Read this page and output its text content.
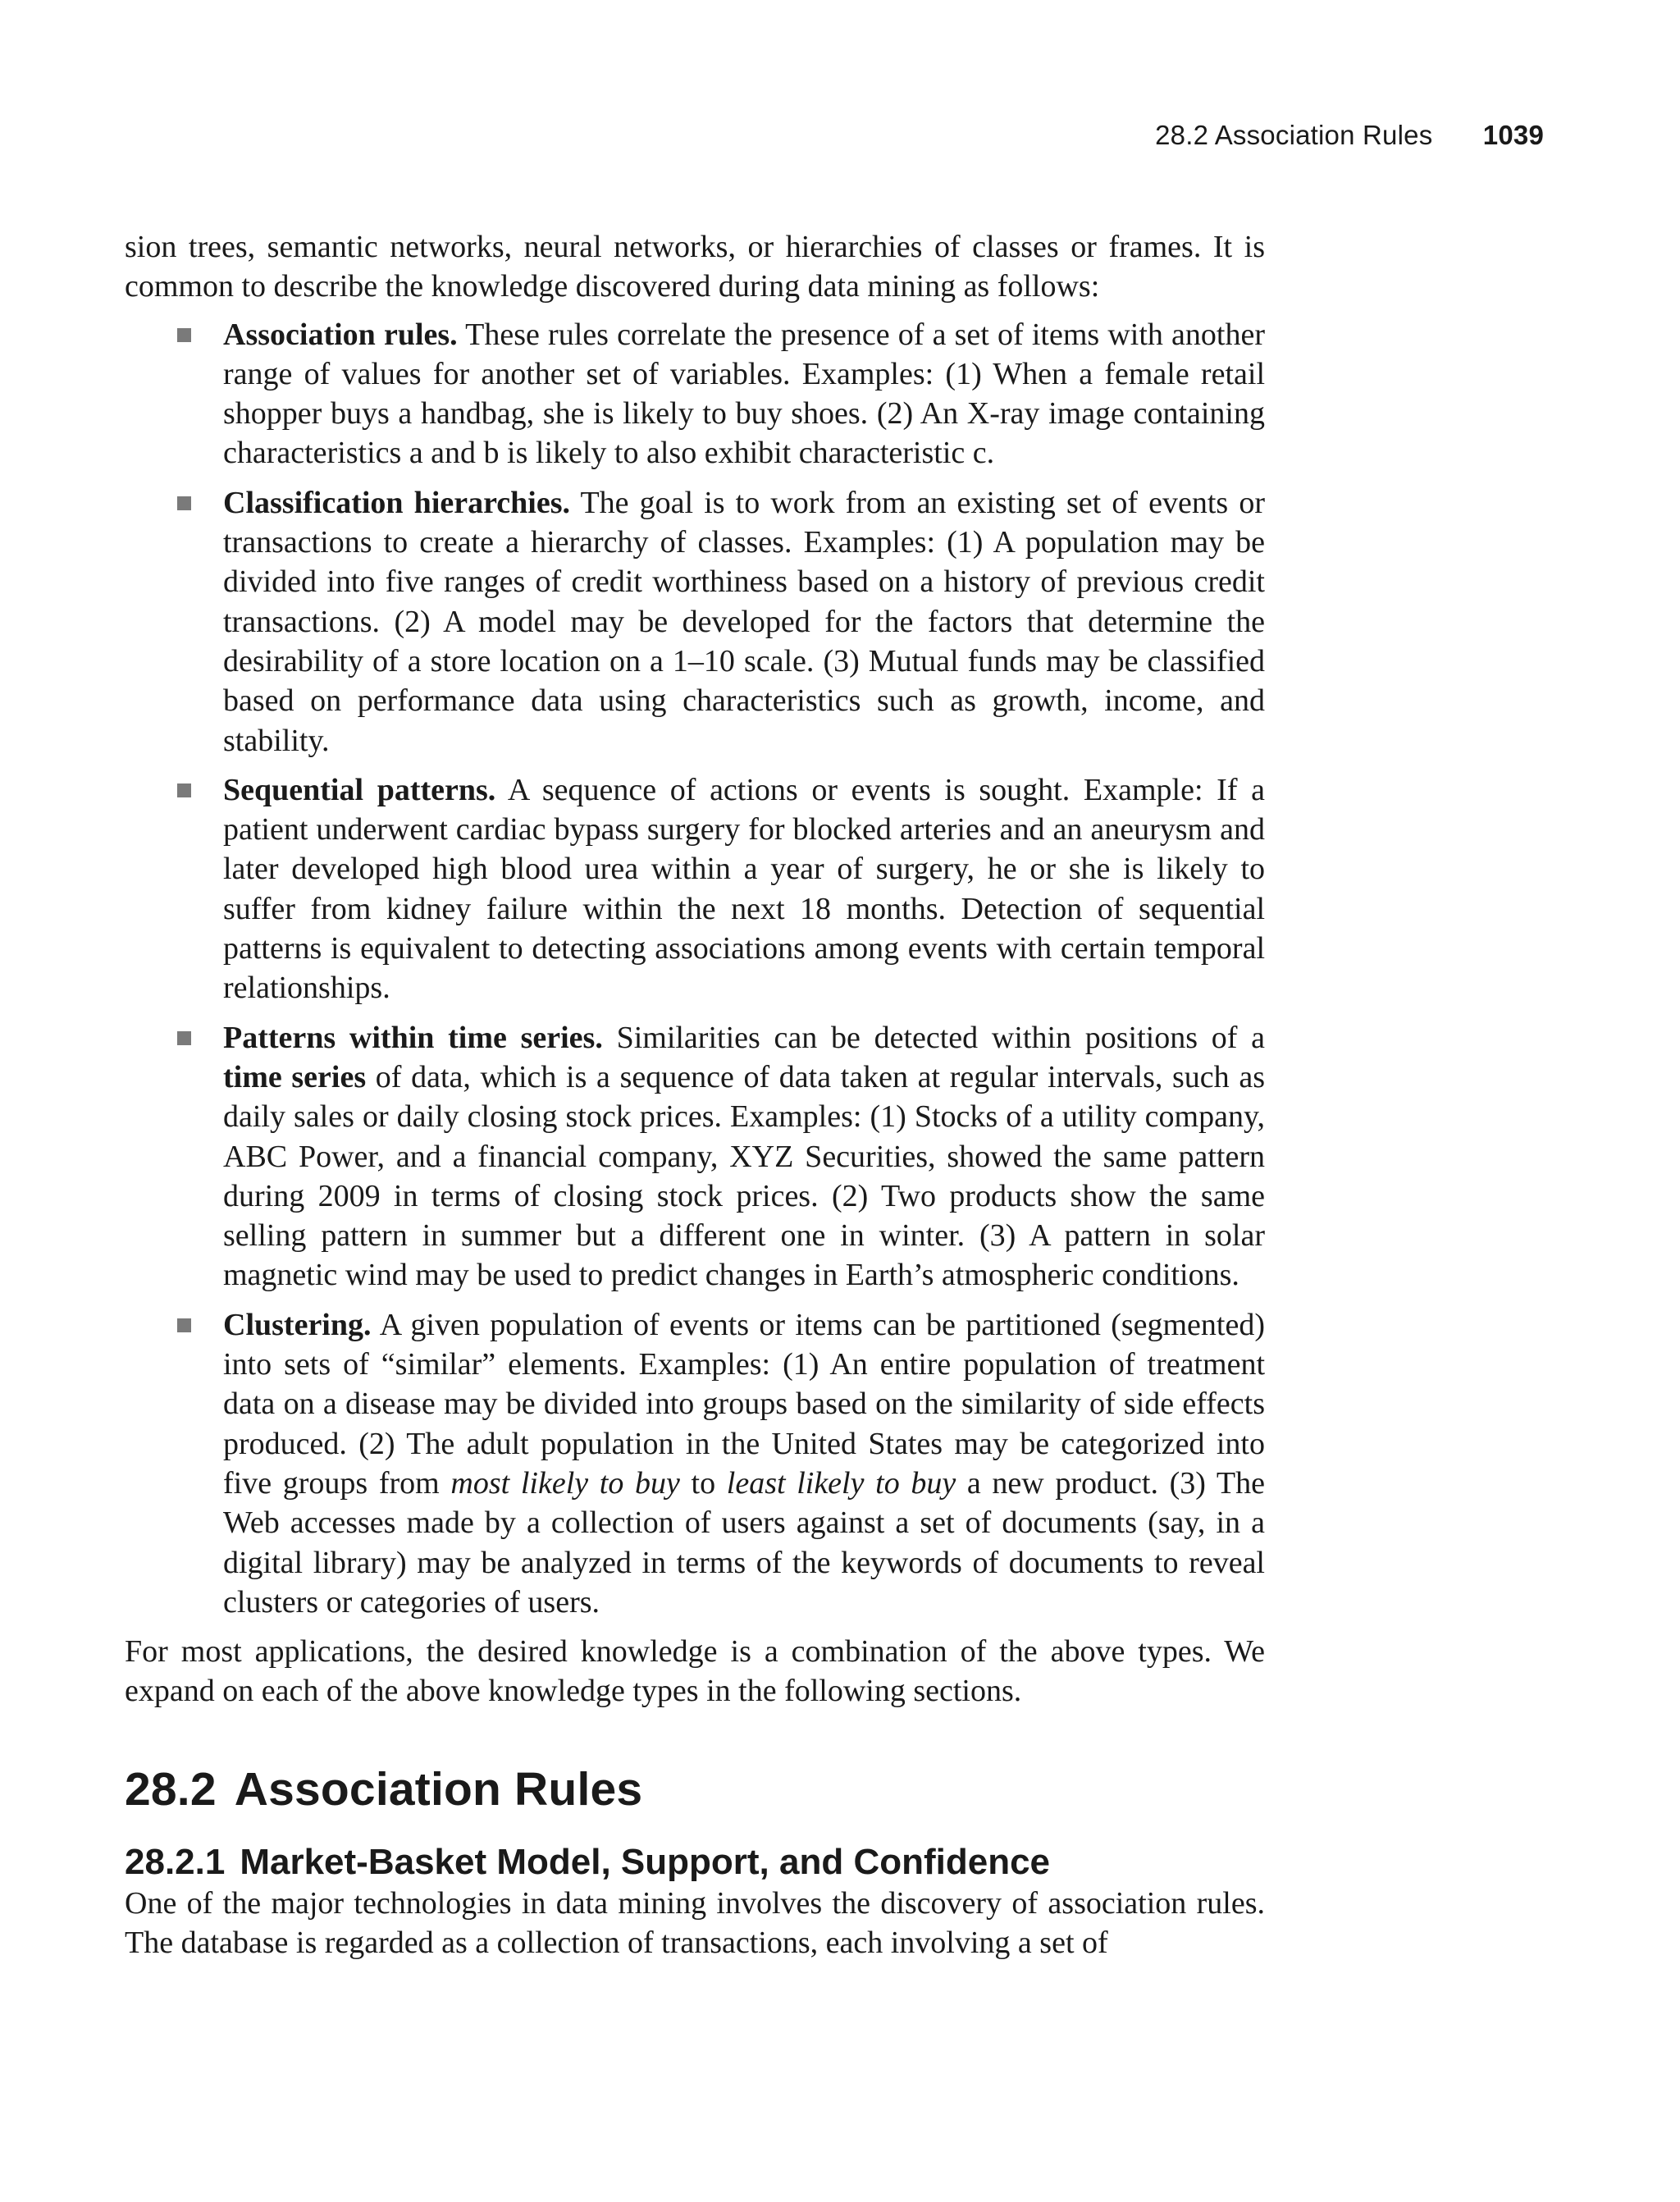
28.2 Association Rules 1039

sion trees, semantic networks, neural networks, or hierarchies of classes or frames. It is common to describe the knowledge discovered during data mining as follows:

Association rules. These rules correlate the presence of a set of items with another range of values for another set of variables. Examples: (1) When a female retail shopper buys a handbag, she is likely to buy shoes. (2) An X-ray image containing characteristics a and b is likely to also exhibit characteristic c.
Classification hierarchies. The goal is to work from an existing set of events or transactions to create a hierarchy of classes. Examples: (1) A population may be divided into five ranges of credit worthiness based on a history of previous credit transactions. (2) A model may be developed for the factors that determine the desirability of a store location on a 1–10 scale. (3) Mutual funds may be classified based on performance data using characteristics such as growth, income, and stability.
Sequential patterns. A sequence of actions or events is sought. Example: If a patient underwent cardiac bypass surgery for blocked arteries and an aneurysm and later developed high blood urea within a year of surgery, he or she is likely to suffer from kidney failure within the next 18 months. Detection of sequential patterns is equivalent to detecting associations among events with certain temporal relationships.
Patterns within time series. Similarities can be detected within positions of a time series of data, which is a sequence of data taken at regular intervals, such as daily sales or daily closing stock prices. Examples: (1) Stocks of a utility company, ABC Power, and a financial company, XYZ Securities, showed the same pattern during 2009 in terms of closing stock prices. (2) Two products show the same selling pattern in summer but a different one in winter. (3) A pattern in solar magnetic wind may be used to predict changes in Earth’s atmospheric conditions.
Clustering. A given population of events or items can be partitioned (segmented) into sets of “similar” elements. Examples: (1) An entire population of treatment data on a disease may be divided into groups based on the similarity of side effects produced. (2) The adult population in the United States may be categorized into five groups from most likely to buy to least likely to buy a new product. (3) The Web accesses made by a collection of users against a set of documents (say, in a digital library) may be analyzed in terms of the keywords of documents to reveal clusters or categories of users.

For most applications, the desired knowledge is a combination of the above types. We expand on each of the above knowledge types in the following sections.

28.2 Association Rules
28.2.1 Market-Basket Model, Support, and Confidence

One of the major technologies in data mining involves the discovery of association rules. The database is regarded as a collection of transactions, each involving a set of
